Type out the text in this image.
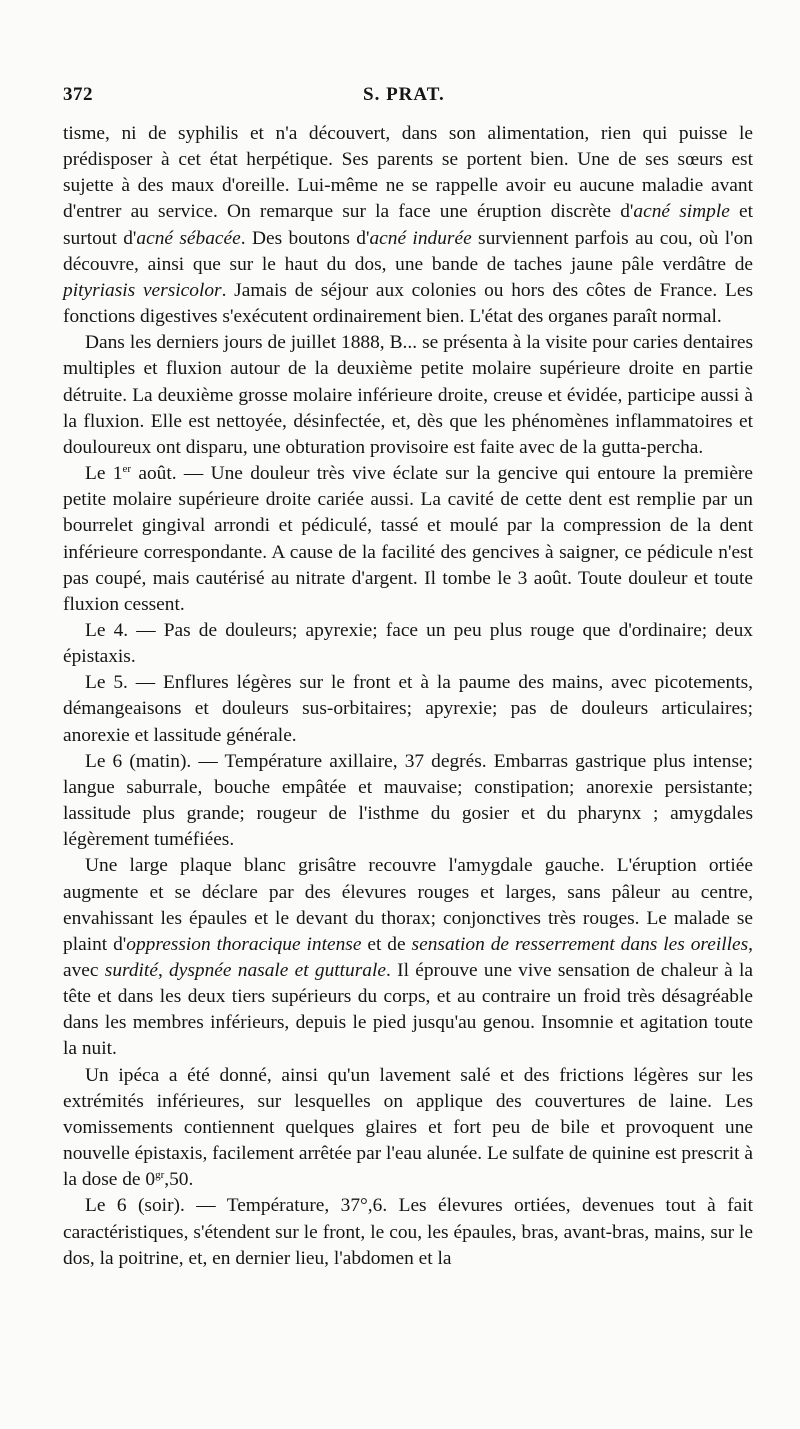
372	S. PRAT.

tisme, ni de syphilis et n'a découvert, dans son alimentation, rien qui puisse le prédisposer à cet état herpétique. Ses parents se portent bien. Une de ses sœurs est sujette à des maux d'oreille. Lui-même ne se rappelle avoir eu aucune maladie avant d'entrer au service. On remarque sur la face une éruption discrète d'acné simple et surtout d'acné sébacée. Des boutons d'acné indurée surviennent parfois au cou, où l'on découvre, ainsi que sur le haut du dos, une bande de taches jaune pâle verdâtre de pityriasis versicolor. Jamais de séjour aux colonies ou hors des côtes de France. Les fonctions digestives s'exécutent ordinairement bien. L'état des organes paraît normal.

Dans les derniers jours de juillet 1888, B... se présenta à la visite pour caries dentaires multiples et fluxion autour de la deuxième petite molaire supérieure droite en partie détruite. La deuxième grosse molaire inférieure droite, creuse et évidée, participe aussi à la fluxion. Elle est nettoyée, désinfectée, et, dès que les phénomènes inflammatoires et douloureux ont disparu, une obturation provisoire est faite avec de la gutta-percha.

Le 1er août. — Une douleur très vive éclate sur la gencive qui entoure la première petite molaire supérieure droite cariée aussi. La cavité de cette dent est remplie par un bourrelet gingival arrondi et pédiculé, tassé et moulé par la compression de la dent inférieure correspondante. A cause de la facilité des gencives à saigner, ce pédicule n'est pas coupé, mais cautérisé au nitrate d'argent. Il tombe le 3 août. Toute douleur et toute fluxion cessent.

Le 4. — Pas de douleurs; apyrexie; face un peu plus rouge que d'ordinaire; deux épistaxis.

Le 5. — Enflures légères sur le front et à la paume des mains, avec picotements, démangeaisons et douleurs sus-orbitaires; apyrexie; pas de douleurs articulaires; anorexie et lassitude générale.

Le 6 (matin). — Température axillaire, 37 degrés. Embarras gastrique plus intense; langue saburrale, bouche empâtée et mauvaise; constipation; anorexie persistante; lassitude plus grande; rougeur de l'isthme du gosier et du pharynx ; amygdales légèrement tuméfiées.

Une large plaque blanc grisâtre recouvre l'amygdale gauche. L'éruption ortiée augmente et se déclare par des élevures rouges et larges, sans pâleur au centre, envahissant les épaules et le devant du thorax; conjonctives très rouges. Le malade se plaint d'oppression thoracique intense et de sensation de resserrement dans les oreilles, avec surdité, dyspnée nasale et gutturale. Il éprouve une vive sensation de chaleur à la tête et dans les deux tiers supérieurs du corps, et au contraire un froid très désagréable dans les membres inférieurs, depuis le pied jusqu'au genou. Insomnie et agitation toute la nuit.

Un ipéca a été donné, ainsi qu'un lavement salé et des frictions légères sur les extrémités inférieures, sur lesquelles on applique des couvertures de laine. Les vomissements contiennent quelques glaires et fort peu de bile et provoquent une nouvelle épistaxis, facilement arrêtée par l'eau alunée. Le sulfate de quinine est prescrit à la dose de $0^{gr},50$.

Le 6 (soir). — Température, 37°,6. Les élevures ortiées, devenues tout à fait caractéristiques, s'étendent sur le front, le cou, les épaules, bras, avant-bras, mains, sur le dos, la poitrine, et, en dernier lieu, l'abdomen et la
